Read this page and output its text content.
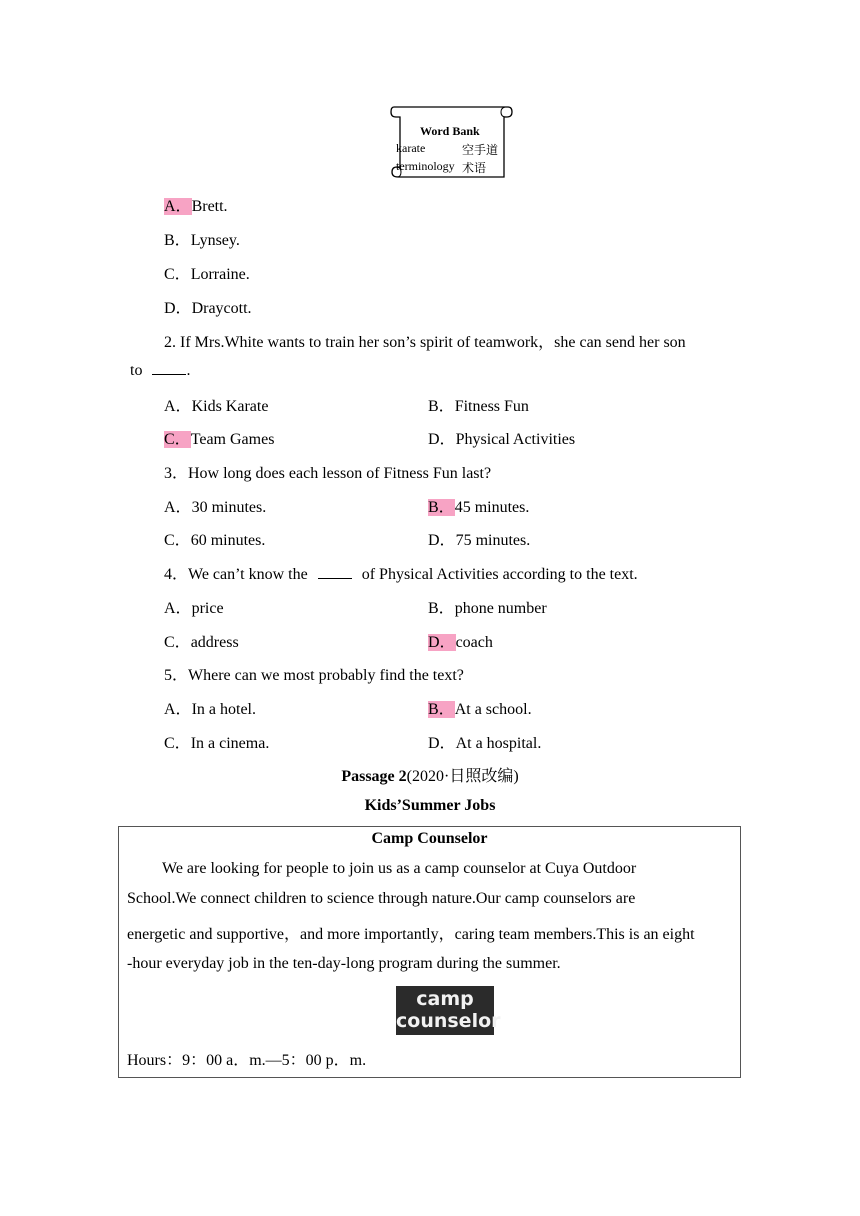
Word Bank
karate	空手道
terminology 术语
A．Brett.
B．Lynsey.
C．Lorraine.
D．Draycott.
2. If Mrs.White wants to train her son’s spirit of teamwork，she can send her son
to	.
A．Kids Karate	B．Fitness Fun
C．Team Games	D．Physical Activities
3．How long does each lesson of Fitness Fun last?
A．30 minutes.	B．45 minutes.
C．60 minutes.	D．75 minutes.
4．We can’t know the	of Physical Activities according to the text.
A．price	B．phone number
C．address	D．coach
5．Where can we most probably find the text?
A．In a hotel.	B．At a school.
C．In a cinema.	D．At a hospital.
Passage 2(2020·日照改编)
Kids’Summer Jobs
Camp Counselor
We are looking for people to join us as a camp counselor at Cuya Outdoor
School.We connect children to science through nature.Our camp counselors are
energetic and supportive，and more importantly，caring team members.This is an eight
-hour everyday job in the ten-day-long program during the summer.
camp
counselor
Hours：9：00 a．m.—5：00 p．m.
